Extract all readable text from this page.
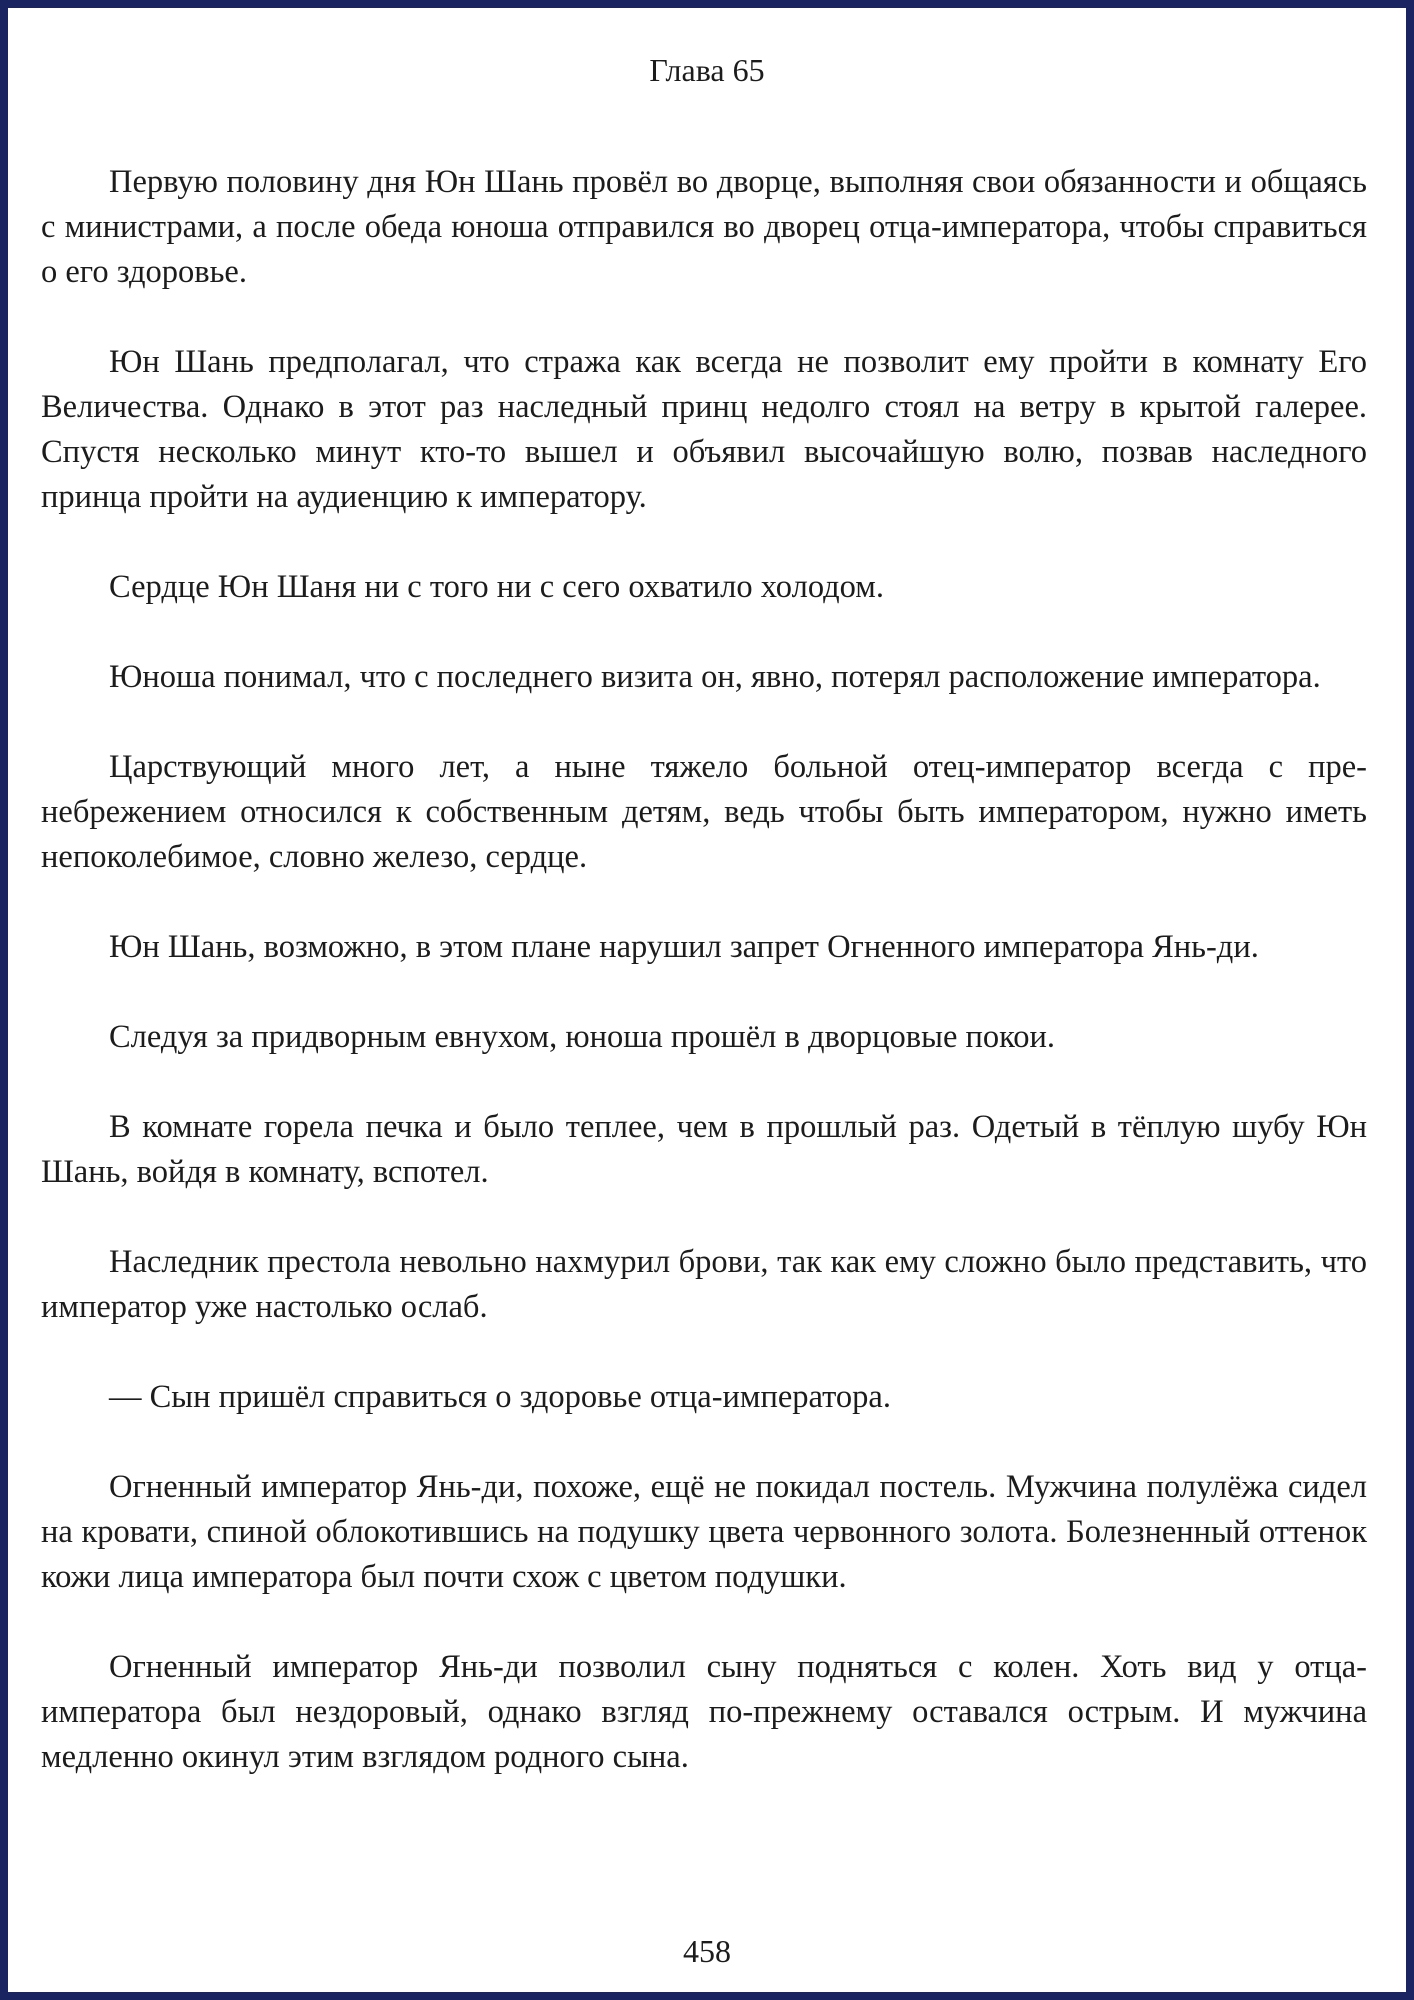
Глава 65

Первую половину дня Юн Шань провёл во дворце, выполняя свои обязанности и общаясь с министрами, а после обеда юноша отправился во дворец отца-императора, чтобы справиться о его здоровье.

Юн Шань предполагал, что стража как всегда не позволит ему пройти в комнату Его Величества. Однако в этот раз наследный принц недолго стоял на ветру в крытой галерее. Спустя несколько минут кто-то вышел и объявил высочайшую волю, позвав наследного принца пройти на аудиенцию к императору.

Сердце Юн Шаня ни с того ни с сего охватило холодом.

Юноша понимал, что с последнего визита он, явно, потерял расположение императора.

Царствующий много лет, а ныне тяжело больной отец-император всегда с пренебрежением относился к собственным детям, ведь чтобы быть императором, нужно иметь непоколебимое, словно железо, сердце.

Юн Шань, возможно, в этом плане нарушил запрет Огненного императора Янь-ди.

Следуя за придворным евнухом, юноша прошёл в дворцовые покои.

В комнате горела печка и было теплее, чем в прошлый раз. Одетый в тёплую шубу Юн Шань, войдя в комнату, вспотел.

Наследник престола невольно нахмурил брови, так как ему сложно было представить, что император уже настолько ослаб.

— Сын пришёл справиться о здоровье отца-императора.

Огненный император Янь-ди, похоже, ещё не покидал постель. Мужчина полулёжа сидел на кровати, спиной облокотившись на подушку цвета червонного золота. Болезненный оттенок кожи лица императора был почти схож с цветом подушки.

Огненный император Янь-ди позволил сыну подняться с колен. Хоть вид у отца-императора был нездоровый, однако взгляд по-прежнему оставался острым. И мужчина медленно окинул этим взглядом родного сына.

458
